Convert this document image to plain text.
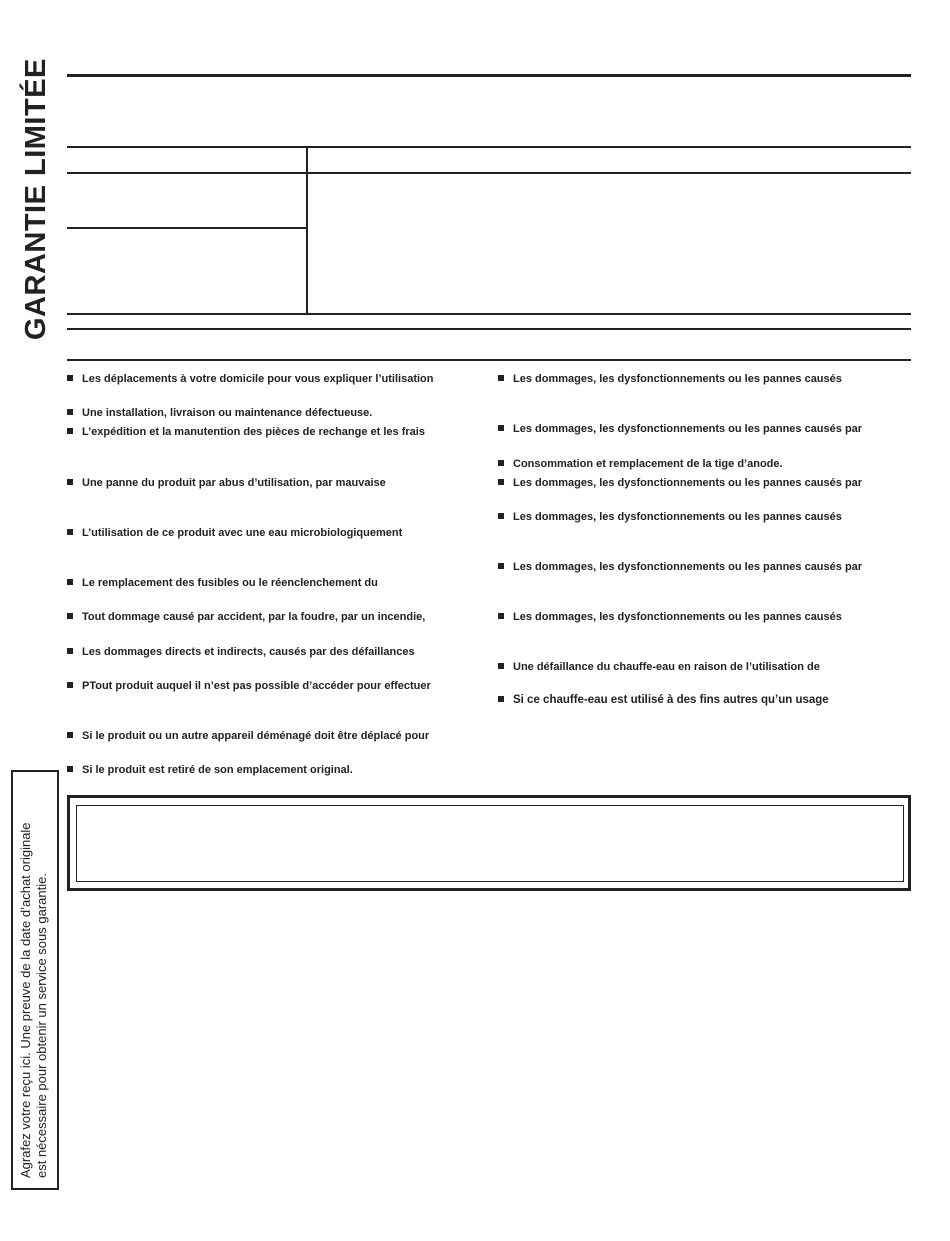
GARANTIE LIMITÉE
Les déplacements à votre domicile pour vous expliquer l’utilisation
Une installation, livraison ou maintenance défectueuse.
L’expédition et la manutention des pièces de rechange et les frais
Une panne du produit par abus d’utilisation, par mauvaise
L’utilisation de ce produit avec une eau microbiologiquement
Le remplacement des fusibles ou le réenclenchement du
Tout dommage causé par accident, par la foudre, par un incendie,
Les dommages directs et indirects, causés par des défaillances
PTout produit auquel il n’est pas possible d’accéder pour effectuer
Si le produit ou un autre appareil déménagé doit être déplacé pour
Si le produit est retiré de son emplacement original.
Les dommages, les dysfonctionnements ou les pannes causés
Les dommages, les dysfonctionnements ou les pannes causés par
Consommation et remplacement de la tige d’anode.
Les dommages, les dysfonctionnements ou les pannes causés par
Les dommages, les dysfonctionnements ou les pannes causés
Les dommages, les dysfonctionnements ou les pannes causés par
Les dommages, les dysfonctionnements ou les pannes causés
Une défaillance du chauffe-eau en raison de l’utilisation de
Si ce chauffe-eau est utilisé à des fins autres qu’un usage
Agrafez votre reçu ici. Une preuve de la date d’achat originale est nécessaire pour obtenir un service sous garantie.
